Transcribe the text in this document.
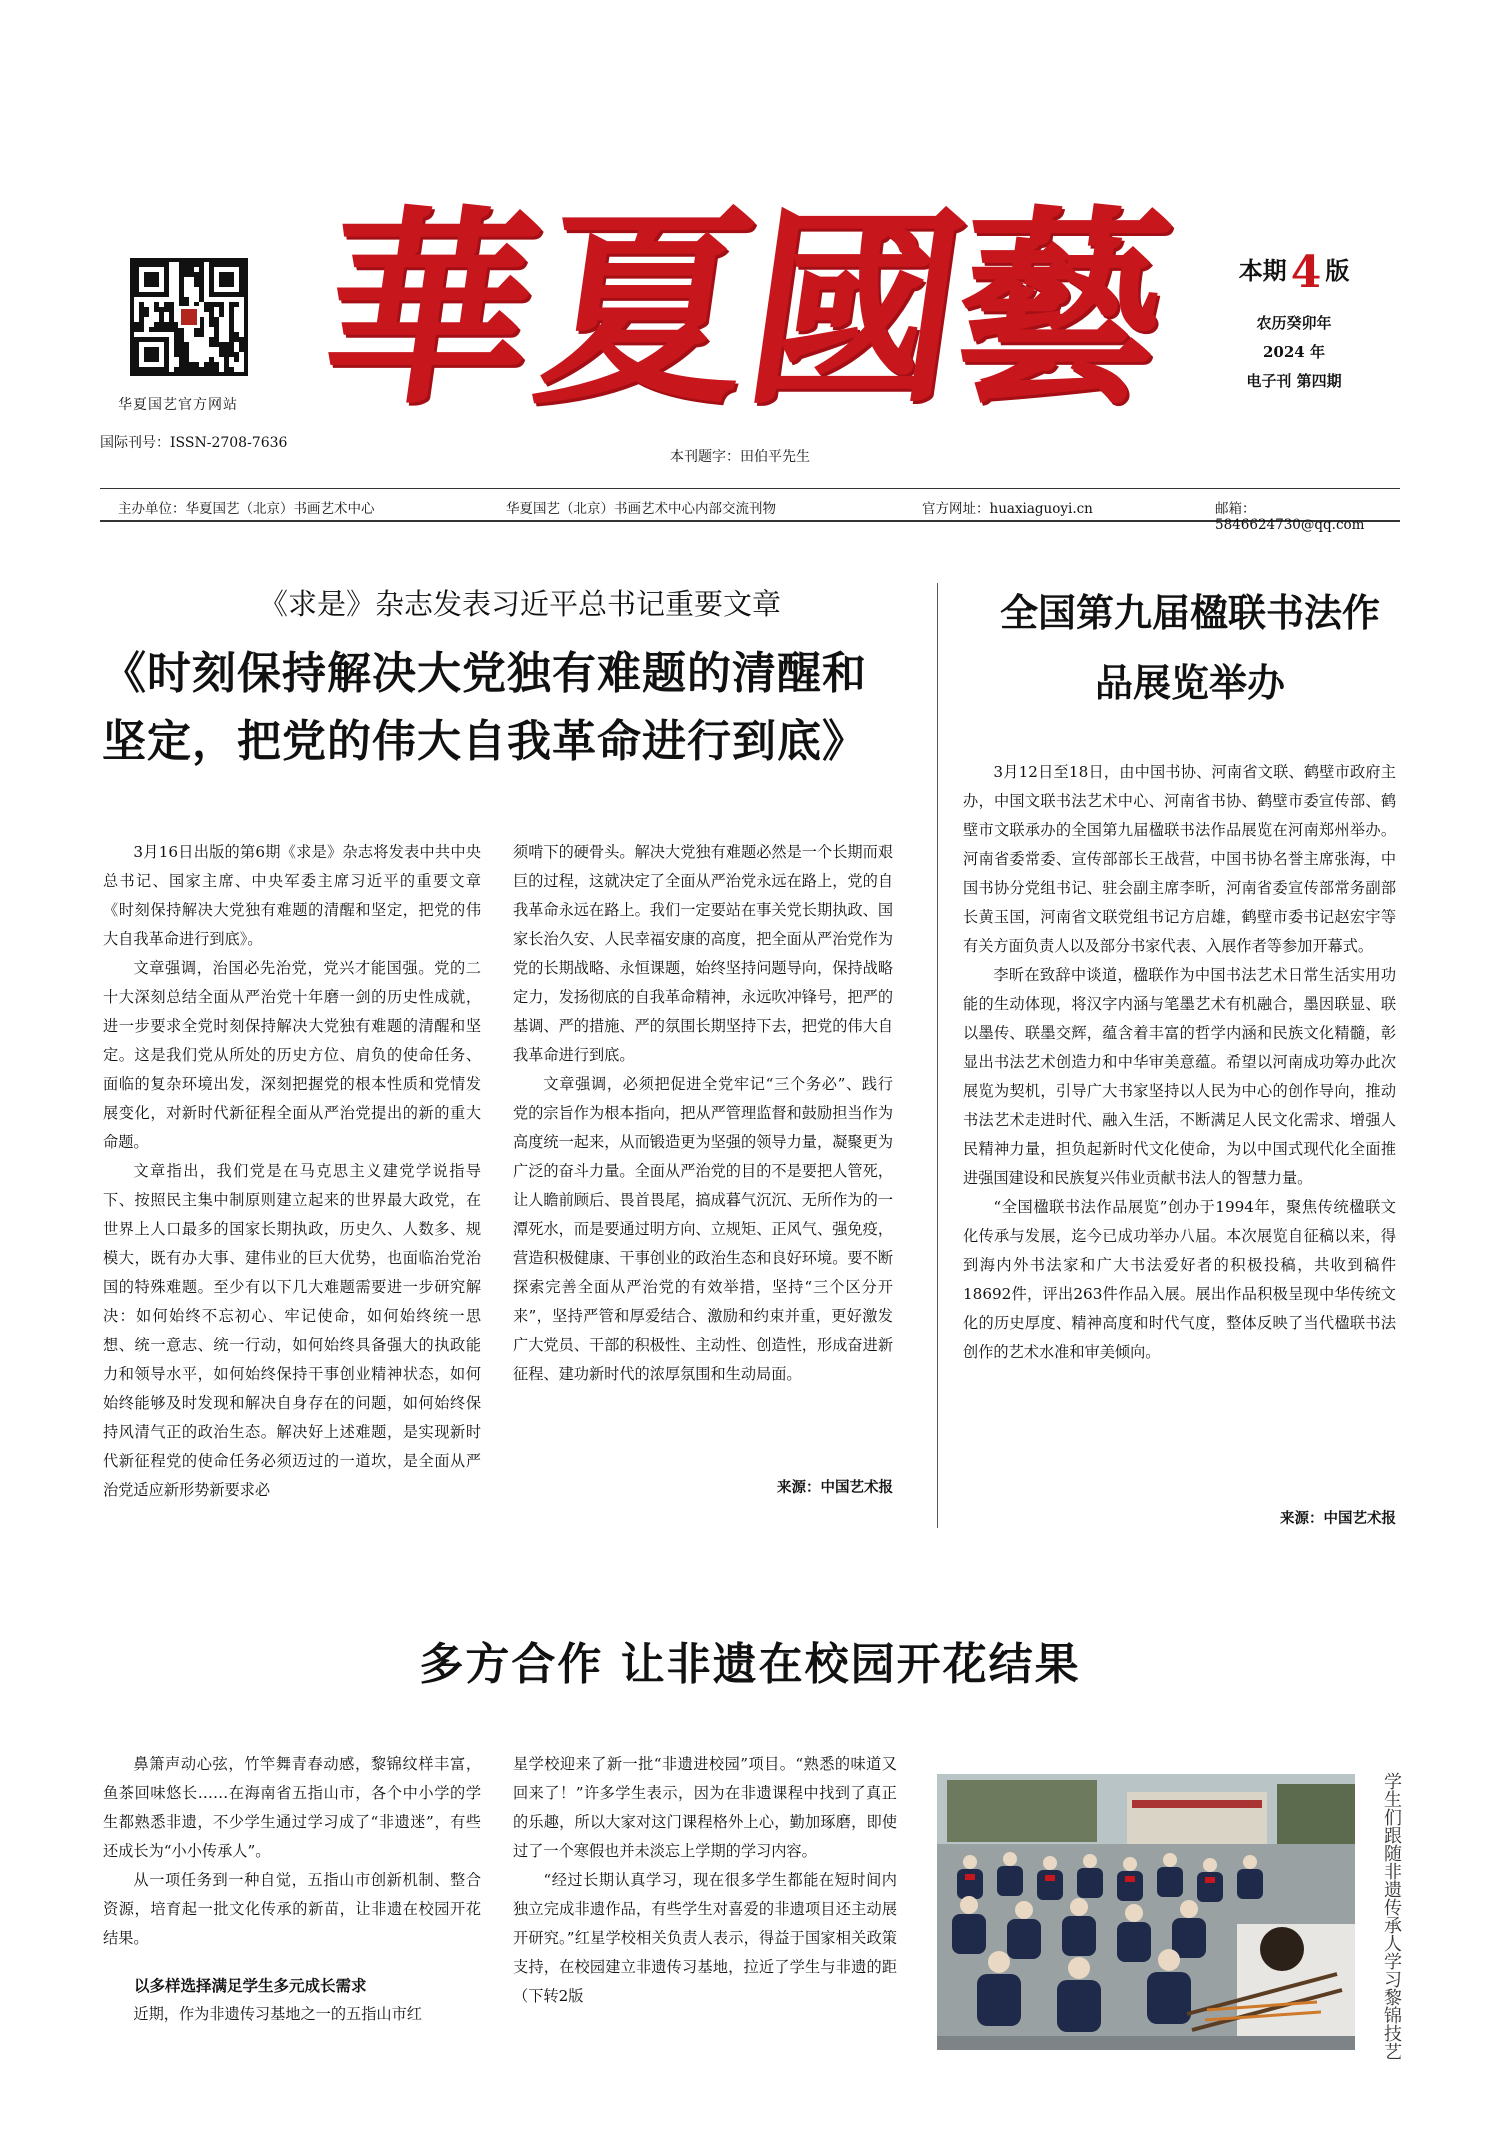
华夏国艺官方网站
国际刊号：ISSN-2708-7636
華
夏
國
藝
本刊题字：田伯平先生
本期4 版
农历癸卯年
2024 年
电子刊 第四期
主办单位：华夏国艺（北京）书画艺术中心	华夏国艺（北京）书画艺术中心内部交流刊物	官方网址：huaxiaguoyi.cn	邮箱：5846624730@qq.com
《求是》杂志发表习近平总书记重要文章
《时刻保持解决大党独有难题的清醒和
坚定，把党的伟大自我革命进行到底》

3月16日出版的第6期《求是》杂志将发表中共中央总书记、国家主席、中央军委主席习近平的重要文章《时刻保持解决大党独有难题的清醒和坚定，把党的伟大自我革命进行到底》。

文章强调，治国必先治党，党兴才能国强。党的二十大深刻总结全面从严治党十年磨一剑的历史性成就，进一步要求全党时刻保持解决大党独有难题的清醒和坚定。这是我们党从所处的历史方位、肩负的使命任务、面临的复杂环境出发，深刻把握党的根本性质和党情发展变化，对新时代新征程全面从严治党提出的新的重大命题。

文章指出，我们党是在马克思主义建党学说指导下、按照民主集中制原则建立起来的世界最大政党，在世界上人口最多的国家长期执政，历史久、人数多、规模大，既有办大事、建伟业的巨大优势，也面临治党治国的特殊难题。至少有以下几大难题需要进一步研究解决：如何始终不忘初心、牢记使命，如何始终统一思想、统一意志、统一行动，如何始终具备强大的执政能力和领导水平，如何始终保持干事创业精神状态，如何始终能够及时发现和解决自身存在的问题，如何始终保持风清气正的政治生态。解决好上述难题，是实现新时代新征程党的使命任务必须迈过的一道坎，是全面从严治党适应新形势新要求必

须啃下的硬骨头。解决大党独有难题必然是一个长期而艰巨的过程，这就决定了全面从严治党永远在路上，党的自我革命永远在路上。我们一定要站在事关党长期执政、国家长治久安、人民幸福安康的高度，把全面从严治党作为党的长期战略、永恒课题，始终坚持问题导向，保持战略定力，发扬彻底的自我革命精神，永远吹冲锋号，把严的基调、严的措施、严的氛围长期坚持下去，把党的伟大自我革命进行到底。

文章强调，必须把促进全党牢记“三个务必”、践行党的宗旨作为根本指向，把从严管理监督和鼓励担当作为高度统一起来，从而锻造更为坚强的领导力量，凝聚更为广泛的奋斗力量。全面从严治党的目的不是要把人管死，让人瞻前顾后、畏首畏尾，搞成暮气沉沉、无所作为的一潭死水，而是要通过明方向、立规矩、正风气、强免疫，营造积极健康、干事创业的政治生态和良好环境。要不断探索完善全面从严治党的有效举措，坚持“三个区分开来”，坚持严管和厚爱结合、激励和约束并重，更好激发广大党员、干部的积极性、主动性、创造性，形成奋进新征程、建功新时代的浓厚氛围和生动局面。

来源：中国艺术报
全国第九届楹联书法作
品展览举办

3月12日至18日，由中国书协、河南省文联、鹤壁市政府主办，中国文联书法艺术中心、河南省书协、鹤壁市委宣传部、鹤壁市文联承办的全国第九届楹联书法作品展览在河南郑州举办。河南省委常委、宣传部部长王战营，中国书协名誉主席张海，中国书协分党组书记、驻会副主席李昕，河南省委宣传部常务副部长黄玉国，河南省文联党组书记方启雄，鹤壁市委书记赵宏宇等有关方面负责人以及部分书家代表、入展作者等参加开幕式。

李昕在致辞中谈道，楹联作为中国书法艺术日常生活实用功能的生动体现，将汉字内涵与笔墨艺术有机融合，墨因联显、联以墨传、联墨交辉，蕴含着丰富的哲学内涵和民族文化精髓，彰显出书法艺术创造力和中华审美意蕴。希望以河南成功筹办此次展览为契机，引导广大书家坚持以人民为中心的创作导向，推动书法艺术走进时代、融入生活，不断满足人民文化需求、增强人民精神力量，担负起新时代文化使命，为以中国式现代化全面推进强国建设和民族复兴伟业贡献书法人的智慧力量。

“全国楹联书法作品展览”创办于1994年，聚焦传统楹联文化传承与发展，迄今已成功举办八届。本次展览自征稿以来，得到海内外书法家和广大书法爱好者的积极投稿，共收到稿件18692件，评出263件作品入展。展出作品积极呈现中华传统文化的历史厚度、精神高度和时代气度，整体反映了当代楹联书法创作的艺术水准和审美倾向。

来源：中国艺术报
多方合作 让非遗在校园开花结果

鼻箫声动心弦，竹竿舞青春动感，黎锦纹样丰富，鱼茶回味悠长……在海南省五指山市，各个中小学的学生都熟悉非遗，不少学生通过学习成了“非遗迷”，有些还成长为“小小传承人”。

从一项任务到一种自觉，五指山市创新机制、整合资源，培育起一批文化传承的新苗，让非遗在校园开花结果。

以多样选择满足学生多元成长需求

近期，作为非遗传习基地之一的五指山市红

星学校迎来了新一批“非遗进校园”项目。“熟悉的味道又回来了！”许多学生表示，因为在非遗课程中找到了真正的乐趣，所以大家对这门课程格外上心，勤加琢磨，即使过了一个寒假也并未淡忘上学期的学习内容。

“经过长期认真学习，现在很多学生都能在短时间内独立完成非遗作品，有些学生对喜爱的非遗项目还主动展开研究。”红星学校相关负责人表示，得益于国家相关政策支持，在校园建立非遗传习基地，拉近了学生与非遗的距（下转2版	学生们跟随非遗传承人学习黎锦技艺
